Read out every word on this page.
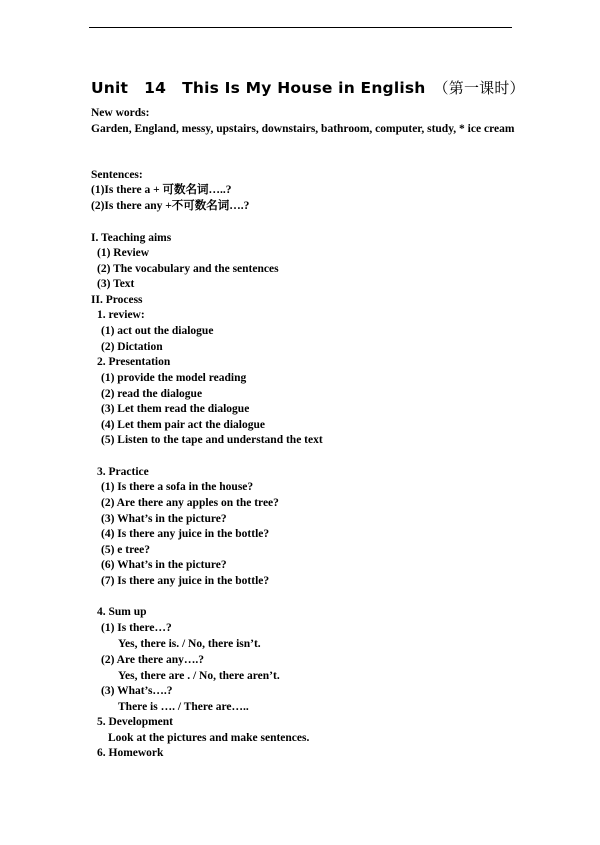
Unit 14 This Is My House in English （第一课时）
New words:
Garden, England, messy, upstairs, downstairs, bathroom, computer, study, * ice cream
Sentences:
(1)Is there a + 可数名词…..?
(2)Is there any +不可数名词….?
I. Teaching aims
(1) Review
(2) The vocabulary and the sentences
(3) Text
II. Process
1. review:
(1) act out the dialogue
(2) Dictation
2. Presentation
(1) provide the model reading
(2) read the dialogue
(3) Let them read the dialogue
(4) Let them pair act the dialogue
(5) Listen to the tape and understand the text
3. Practice
(1) Is there a sofa in the house?
(2) Are there any apples on the tree?
(3) What’s in the picture?
(4) Is there any juice in the bottle?
(5) e tree?
(6) What’s in the picture?
(7) Is there any juice in the bottle?
4. Sum up
(1) Is there…?
Yes, there is. / No, there isn’t.
(2) Are there any….?
Yes, there are . / No, there aren’t.
(3) What’s….?
There is …. / There are…..
5. Development
Look at the pictures and make sentences.
6. Homework
